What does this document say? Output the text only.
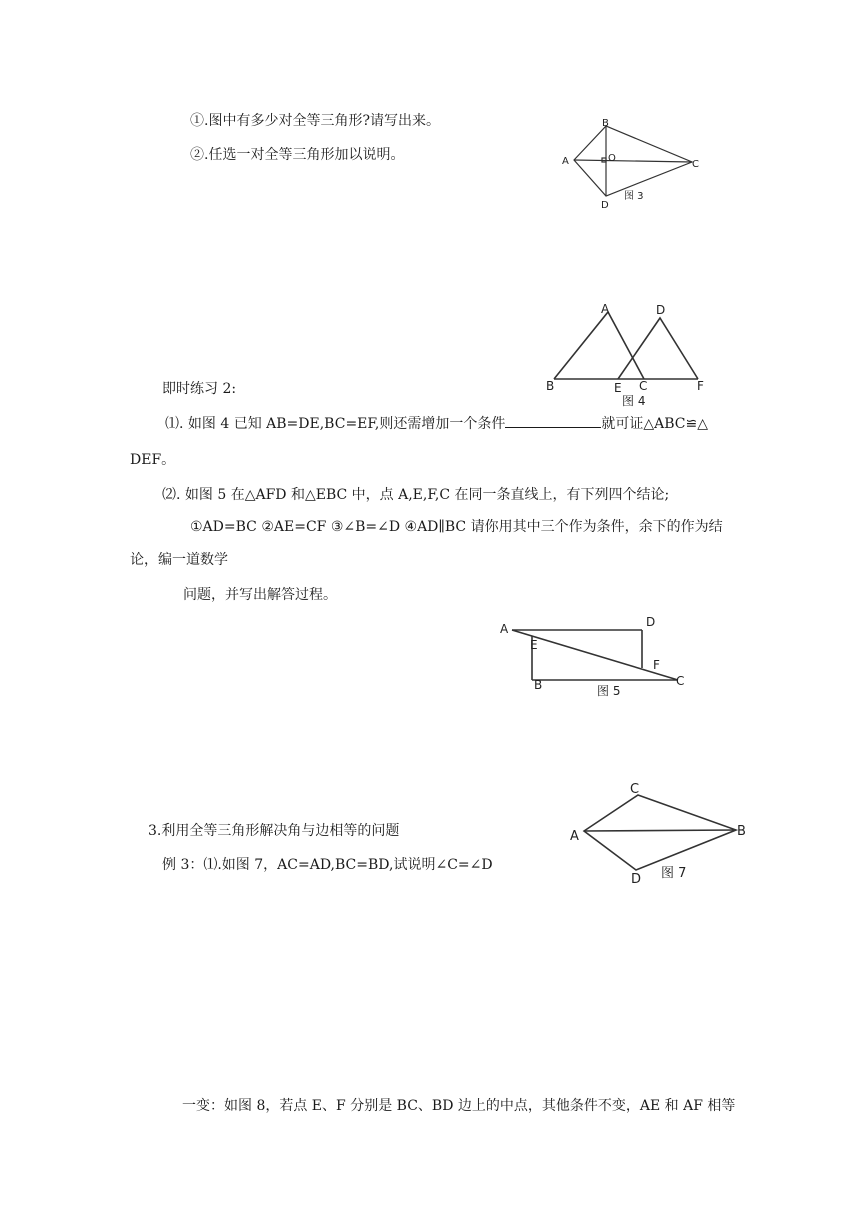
①.图中有多少对全等三角形?请写出来。
②.任选一对全等三角形加以说明。	A
B
C
D
O
图 3
A
B	C
D
E	F
图 4
即时练习 2:
⑴. 如图 4 已知 AB=DE,BC=EF,则还需增加一个条件	就可证△ABC≌△
DEF。
⑵. 如图 5 在△AFD 和△EBC 中，点 A,E,F,C 在同一条直线上，有下列四个结论;
①AD=BC ②AE=CF ③∠B=∠D ④AD∥BC 请你用其中三个作为条件，余下的作为结
论，编一道数学
问题，并写出解答过程。
A	D
E
F
B	C
图 5
A	B
C
D 图 7
3.利用全等三角形解决角与边相等的问题
例 3：⑴.如图 7，AC=AD,BC=BD,试说明∠C=∠D
一变：如图 8，若点 E、F 分别是 BC、BD 边上的中点，其他条件不变，AE 和 AF 相等
